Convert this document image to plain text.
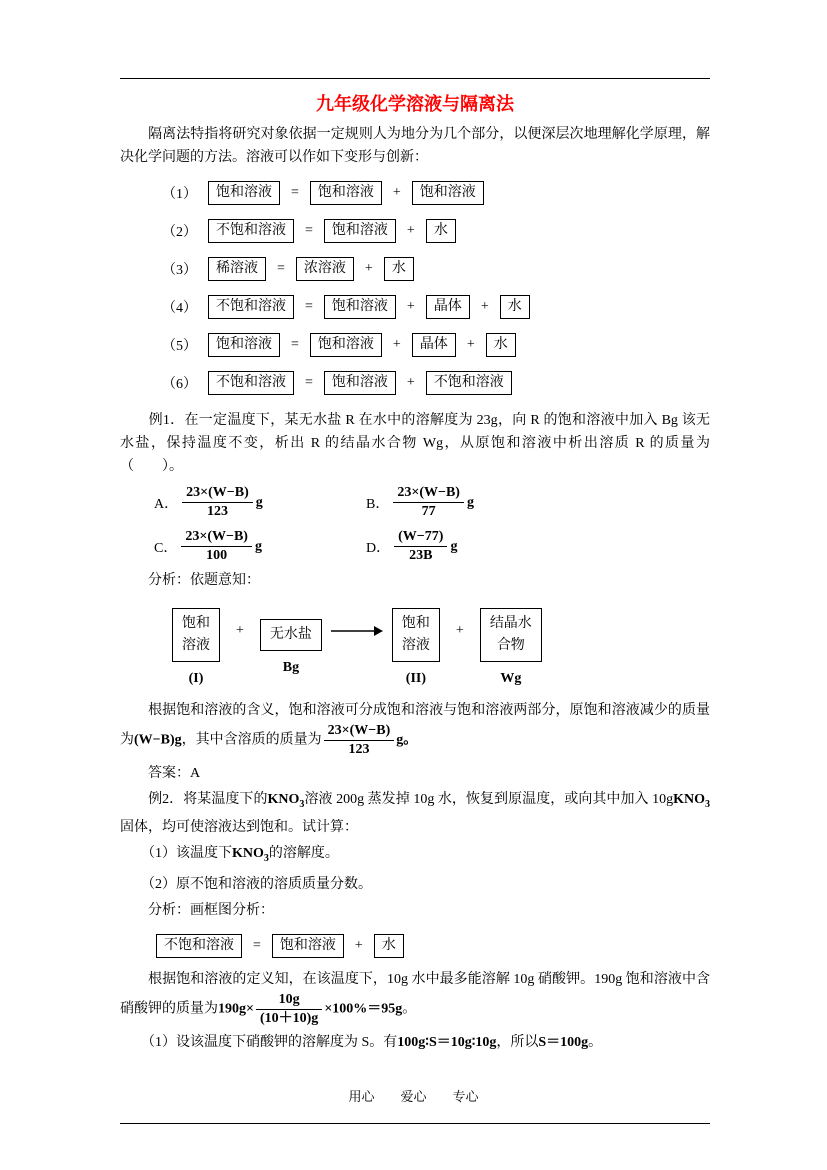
九年级化学溶液与隔离法

　　隔离法特指将研究对象依据一定规则人为地分为几个部分，以便深层次地理解化学原理，解决化学问题的方法。溶液可以作如下变形与创新：

（1）	饱和溶液	=	饱和溶液	+	饱和溶液
（2）	不饱和溶液	=	饱和溶液	+	水
（3）	稀溶液	=	浓溶液	+	水
（4）	不饱和溶液	=	饱和溶液	+	晶体	+	水
（5）	饱和溶液	=	饱和溶液	+	晶体	+	水
（6）	不饱和溶液	=	饱和溶液	+	不饱和溶液

　　例1．在一定温度下，某无水盐 R 在水中的溶解度为 23g，向 R 的饱和溶液中加入 Bg 该无水盐，保持温度不变，析出 R 的结晶水合物 Wg，从原饱和溶液中析出溶质 R 的质量为（　　）。

A． $\frac{23\times(W-B)}{123}$ g	B． $\frac{23\times(W-B)}{77}$ g
C． $\frac{23\times(W-B)}{100}$ g	D． $\frac{(W-77)}{23B}$ g

　　分析：依题意知：

饱和
溶液
(I)
+ 无水盐
Bg
饱和
溶液
(II)
+ 结晶水
合物
Wg

　　根据饱和溶液的含义，饱和溶液可分成饱和溶液与饱和溶液两部分，原饱和溶液减少的质量为(W−B)g，其中含溶质的质量为 $\frac{23\times(W-B)}{123}$ g。

　　答案：A

　　例2．将某温度下的$KNO_3$溶液 200g 蒸发掉 10g 水，恢复到原温度，或向其中加入 10gKNO$_3$固体，均可使溶液达到饱和。试计算：

　　（1）该温度下$KNO_3$的溶解度。

　　（2）原不饱和溶液的溶质质量分数。

　　分析：画框图分析：

不饱和溶液	=	饱和溶液	+	水

　　根据饱和溶液的定义知，在该温度下，10g 水中最多能溶解 10g 硝酸钾。190g 饱和溶液中含硝酸钾的质量为$190g\times \frac{10g}{(10+10)g} \times 100\%=95g$。

　　（1）设该温度下硝酸钾的溶解度为 S。有100g∶S＝10g∶10g，所以S＝100g。

用心　　爱心　　专心
